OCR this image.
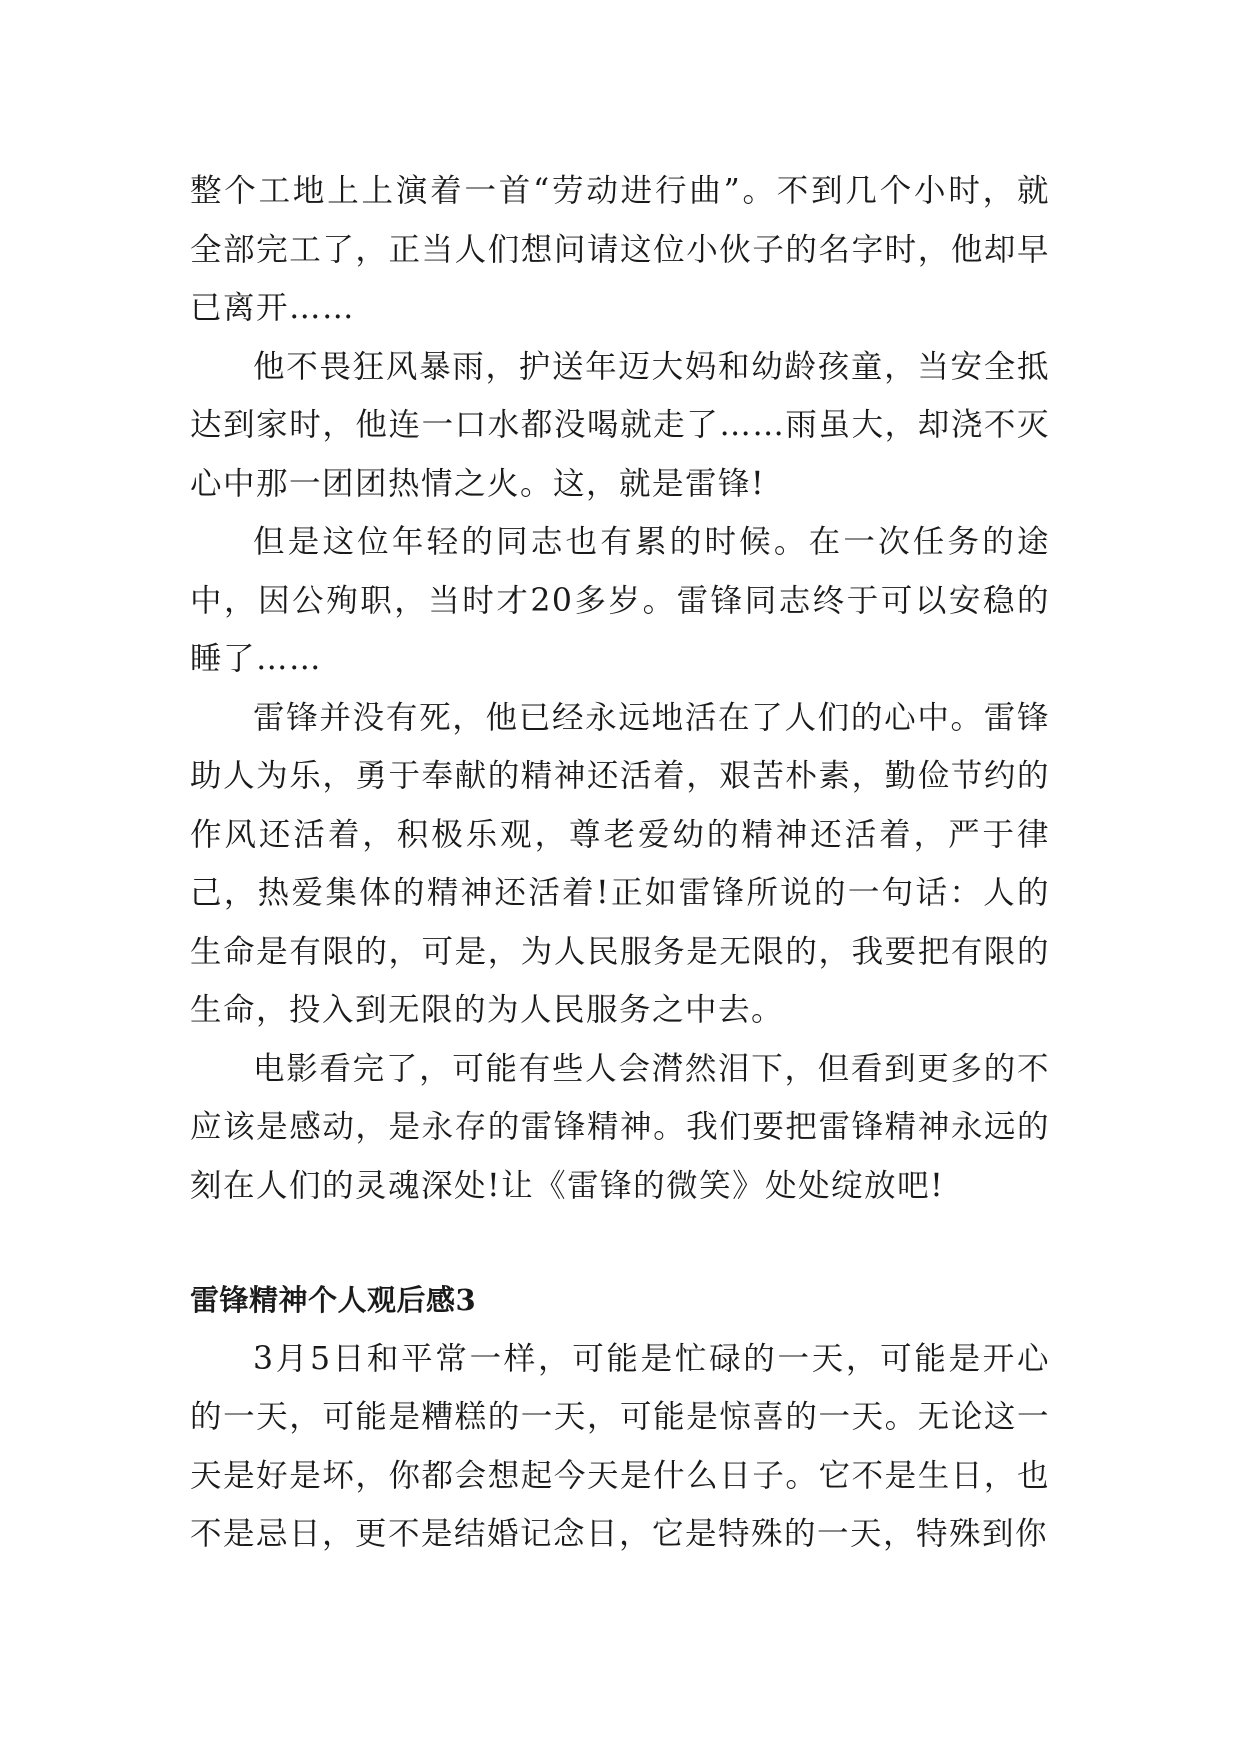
整个工地上上演着一首“劳动进行曲”。不到几个小时，就全部完工了，正当人们想问请这位小伙子的名字时，他却早已离开……

他不畏狂风暴雨，护送年迈大妈和幼龄孩童，当安全抵达到家时，他连一口水都没喝就走了……雨虽大，却浇不灭心中那一团团热情之火。这，就是雷锋!

但是这位年轻的同志也有累的时候。在一次任务的途中，因公殉职，当时才20多岁。雷锋同志终于可以安稳的睡了……

雷锋并没有死，他已经永远地活在了人们的心中。雷锋助人为乐，勇于奉献的精神还活着，艰苦朴素，勤俭节约的作风还活着，积极乐观，尊老爱幼的精神还活着，严于律己，热爱集体的精神还活着!正如雷锋所说的一句话：人的生命是有限的，可是，为人民服务是无限的，我要把有限的生命，投入到无限的为人民服务之中去。

电影看完了，可能有些人会潸然泪下，但看到更多的不应该是感动，是永存的雷锋精神。我们要把雷锋精神永远的刻在人们的灵魂深处!让《雷锋的微笑》处处绽放吧!

雷锋精神个人观后感3

3月5日和平常一样，可能是忙碌的一天，可能是开心的一天，可能是糟糕的一天，可能是惊喜的一天。无论这一天是好是坏，你都会想起今天是什么日子。它不是生日，也不是忌日，更不是结婚记念日，它是特殊的一天，特殊到你
